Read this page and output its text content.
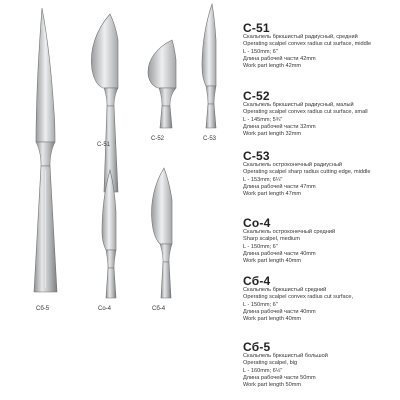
C-51
C-52	C-53
Сб-5	Co-4	Сб-4
C-51
Скальпель брюшистый радиусный, средний
Operating scalpel convex radius cut surface, middle
L - 150mm; 6"
Длина рабочей части 42mm
Work part length 42mm
C-52
Скальпель брюшистый радиусный, малый
Operating scalpel convex radius cut surface, small
L - 145mm; 5¾"
Длина рабочей части 32mm
Work part length 32mm
C-53
Скальпель остроконечный радиусный
Operating scalpel sharp radius cutting edge, middle
L - 153mm; 6¼"
Длина рабочей части 47mm
Work part length 47mm
Co-4
Скальпель остроконечный средний
Sharp scalpel, medium
L - 150mm; 6"
Длина рабочей части 40mm
Work part length 40mm
Сб-4
Скальпель брюшистый средний
Operating scalpel convex radius cut surface,
L - 150mm; 6"
Длина рабочей части 40mm
Work part length 40mm
Сб-5
Скальпель брюшистый большой
Operating scalpel, big
L - 160mm; 6½"
Длина рабочей части 50mm
Work part length 50mm
